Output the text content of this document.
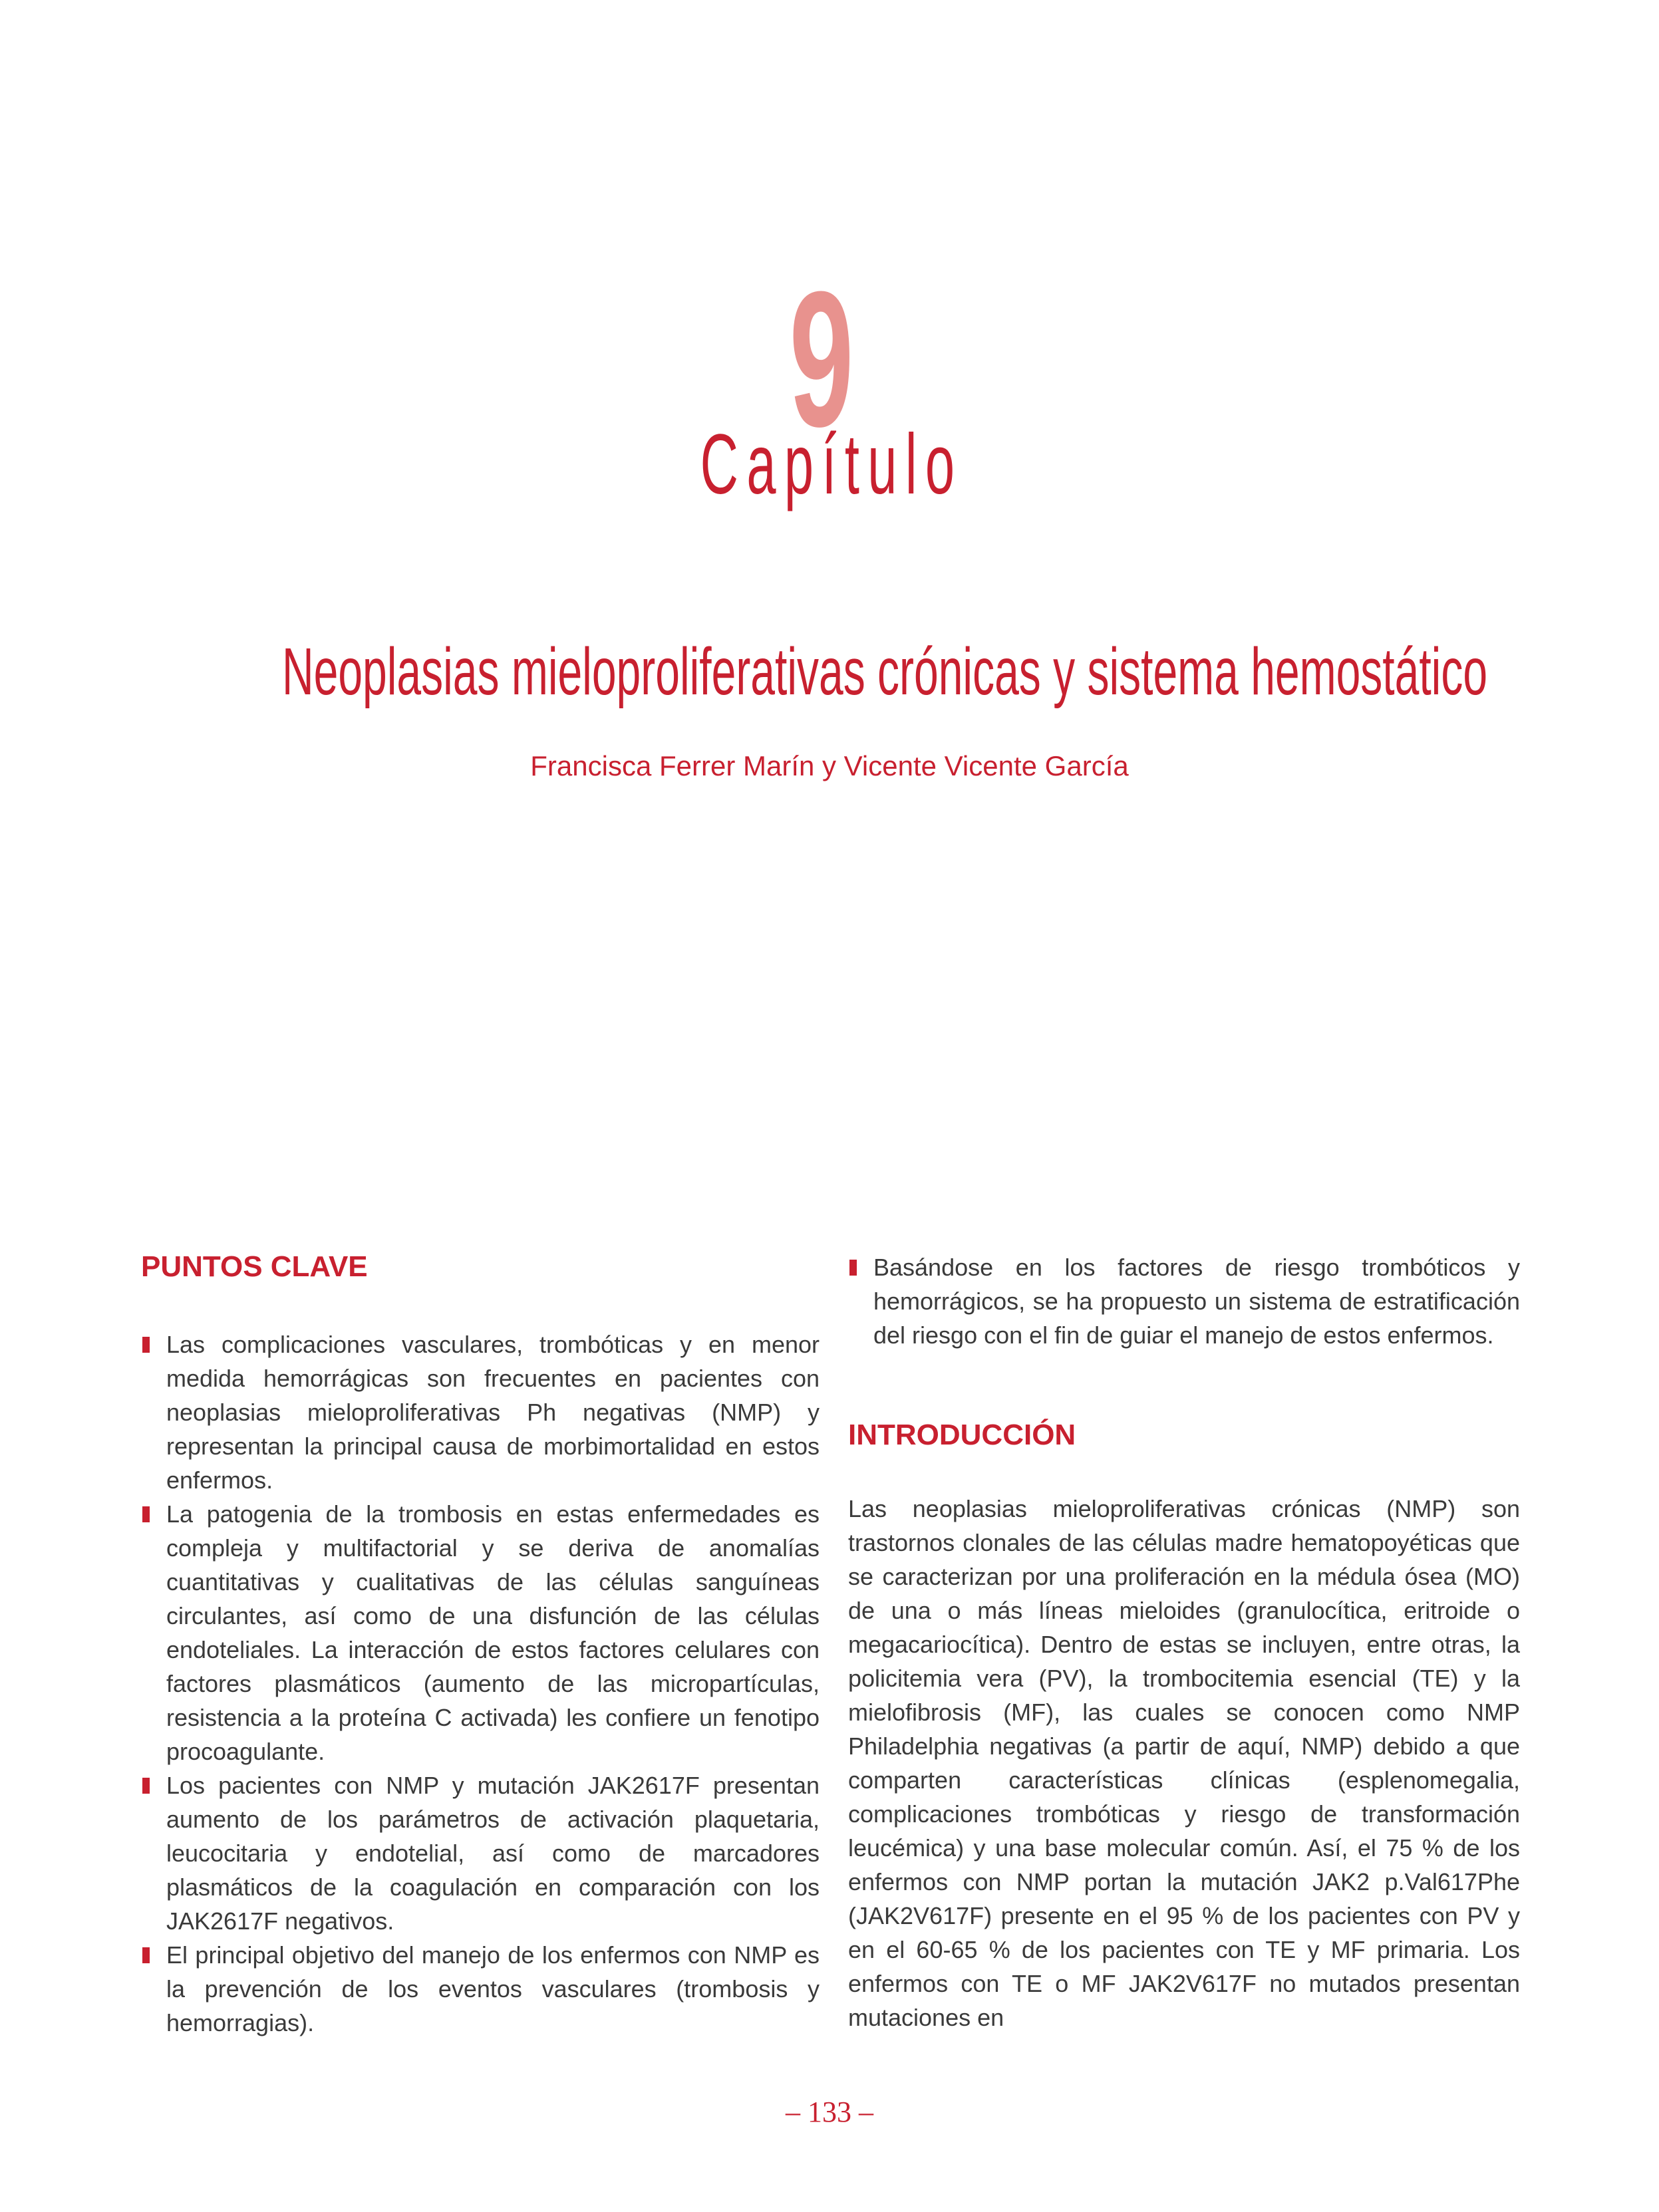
9
Capítulo
Neoplasias mieloproliferativas crónicas y sistema hemostático
Francisca Ferrer Marín y Vicente Vicente García
PUNTOS CLAVE
Las complicaciones vasculares, trombóticas y en menor medida hemorrágicas son frecuentes en pacientes con neoplasias mieloproliferativas Ph negativas (NMP) y representan la principal causa de morbimortalidad en estos enfermos.
La patogenia de la trombosis en estas enfermedades es compleja y multifactorial y se deriva de anomalías cuantitativas y cualitativas de las células sanguíneas circulantes, así como de una disfunción de las células endoteliales. La interacción de estos factores celulares con factores plasmáticos (aumento de las micropartículas, resistencia a la proteína C activada) les confiere un fenotipo procoagulante.
Los pacientes con NMP y mutación JAK2617F presentan aumento de los parámetros de activación plaquetaria, leucocitaria y endotelial, así como de marcadores plasmáticos de la coagulación en comparación con los JAK2617F negativos.
El principal objetivo del manejo de los enfermos con NMP es la prevención de los eventos vasculares (trombosis y hemorragias).
Basándose en los factores de riesgo trombóticos y hemorrágicos, se ha propuesto un sistema de estratificación del riesgo con el fin de guiar el manejo de estos enfermos.
INTRODUCCIÓN

Las neoplasias mieloproliferativas crónicas (NMP) son trastornos clonales de las células madre hematopoyéticas que se caracterizan por una proliferación en la médula ósea (MO) de una o más líneas mieloides (granulocítica, eritroide o megacariocítica). Dentro de estas se incluyen, entre otras, la policitemia vera (PV), la trombocitemia esencial (TE) y la mielofibrosis (MF), las cuales se conocen como NMP Philadelphia negativas (a partir de aquí, NMP) debido a que comparten características clínicas (esplenomegalia, complicaciones trombóticas y riesgo de transformación leucémica) y una base molecular común. Así, el 75 % de los enfermos con NMP portan la mutación JAK2 p.Val617Phe (JAK2V617F) presente en el 95 % de los pacientes con PV y en el 60-65 % de los pacientes con TE y MF primaria. Los enfermos con TE o MF JAK2V617F no mutados presentan mutaciones en

– 133 –
